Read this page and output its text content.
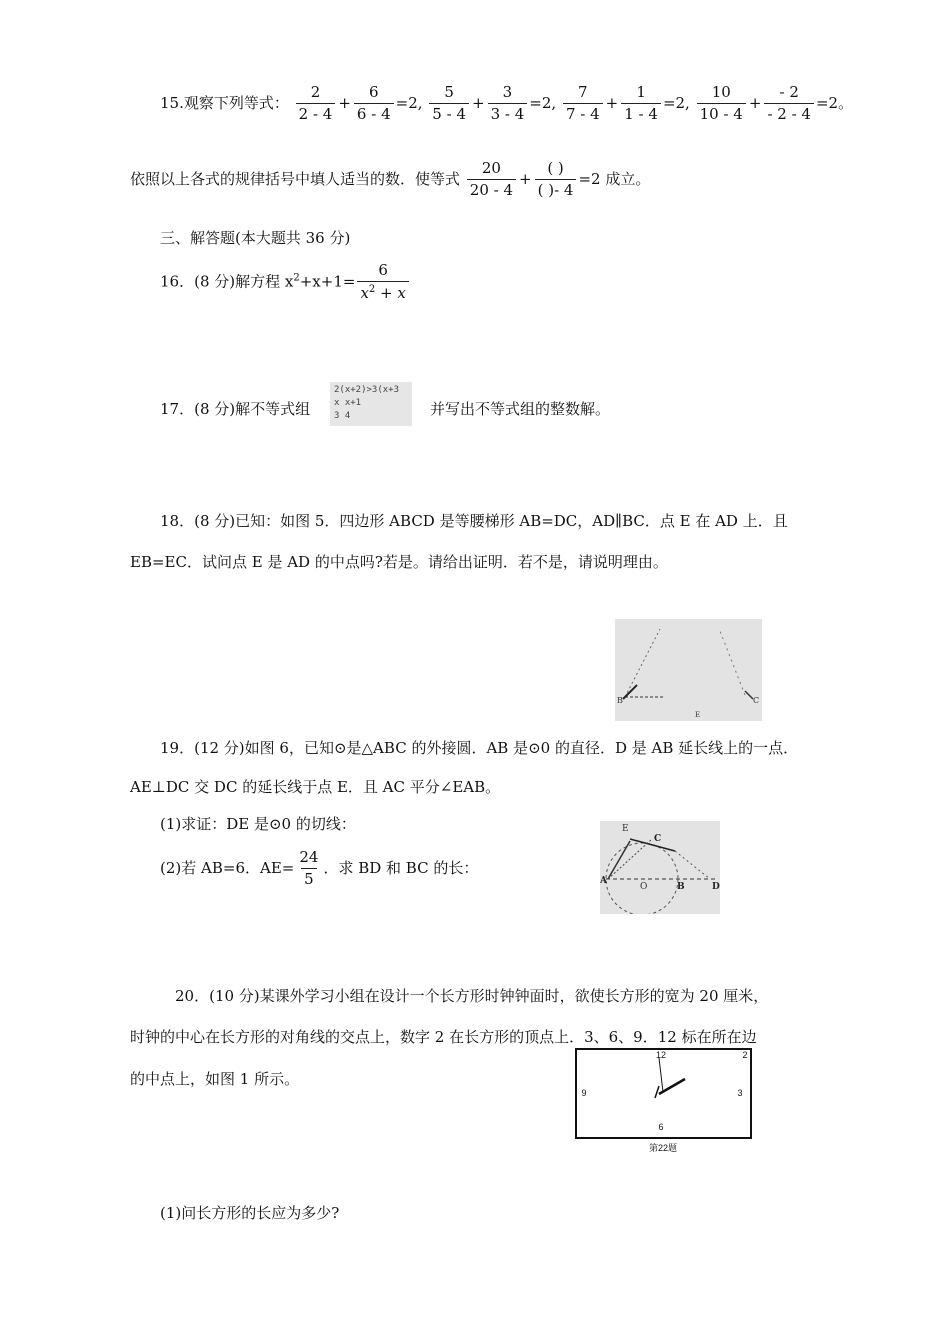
15.观察下列等式： $\frac{2}{2 - 4} + \frac{6}{6 - 4} =2$, $\frac{5}{5 - 4} + \frac{3}{3 - 4} =2$, $\frac{7}{7 - 4} + \frac{1}{1 - 4} =2$, $\frac{10}{10 - 4} + \frac{- 2}{- 2 - 4} =2$。
依照以上各式的规律括号中填人适当的数．使等式 $\frac{20}{20 - 4} + \frac{( )}{( )- 4} =2$ 成立。
三、解答题(本大题共 36 分)
16．(8 分)解方程 $x^2+x+1= \frac{6}{x^2 + x}$
17．(8 分)解不等式组
2(x+2)>3(x+3
x x+1
3 4	并写出不等式组的整数解。
18．(8 分)已知：如图 5．四边形 ABCD 是等腰梯形 AB=DC，AD∥BC．点 E 在 AD 上．且
EB=EC．试问点 E 是 AD 的中点吗?若是。请给出证明．若不是，请说明理由。
B	C
E
19．(12 分)如图 6，已知⊙是△ABC 的外接圆．AB 是⊙0 的直径．D 是 AB 延长线上的一点．
AE⊥DC 交 DC 的延长线于点 E．且 AC 平分∠EAB。
(1)求证：DE 是⊙0 的切线：
(2)若 AB=6．$AE= \frac{24}{5}$ ．求 BD 和 BC 的长：
E
C
A
O	B	D
20．(10 分)某课外学习小组在设计一个长方形时钟钟面时，欲使长方形的宽为 20 厘米，
时钟的中心在长方形的对角线的交点上，数字 2 在长方形的顶点上．3、6、9．12 标在所在边
的中点上，如图 1 所示。
12	2
3
6
9
第22题
(1)问长方形的长应为多少?
